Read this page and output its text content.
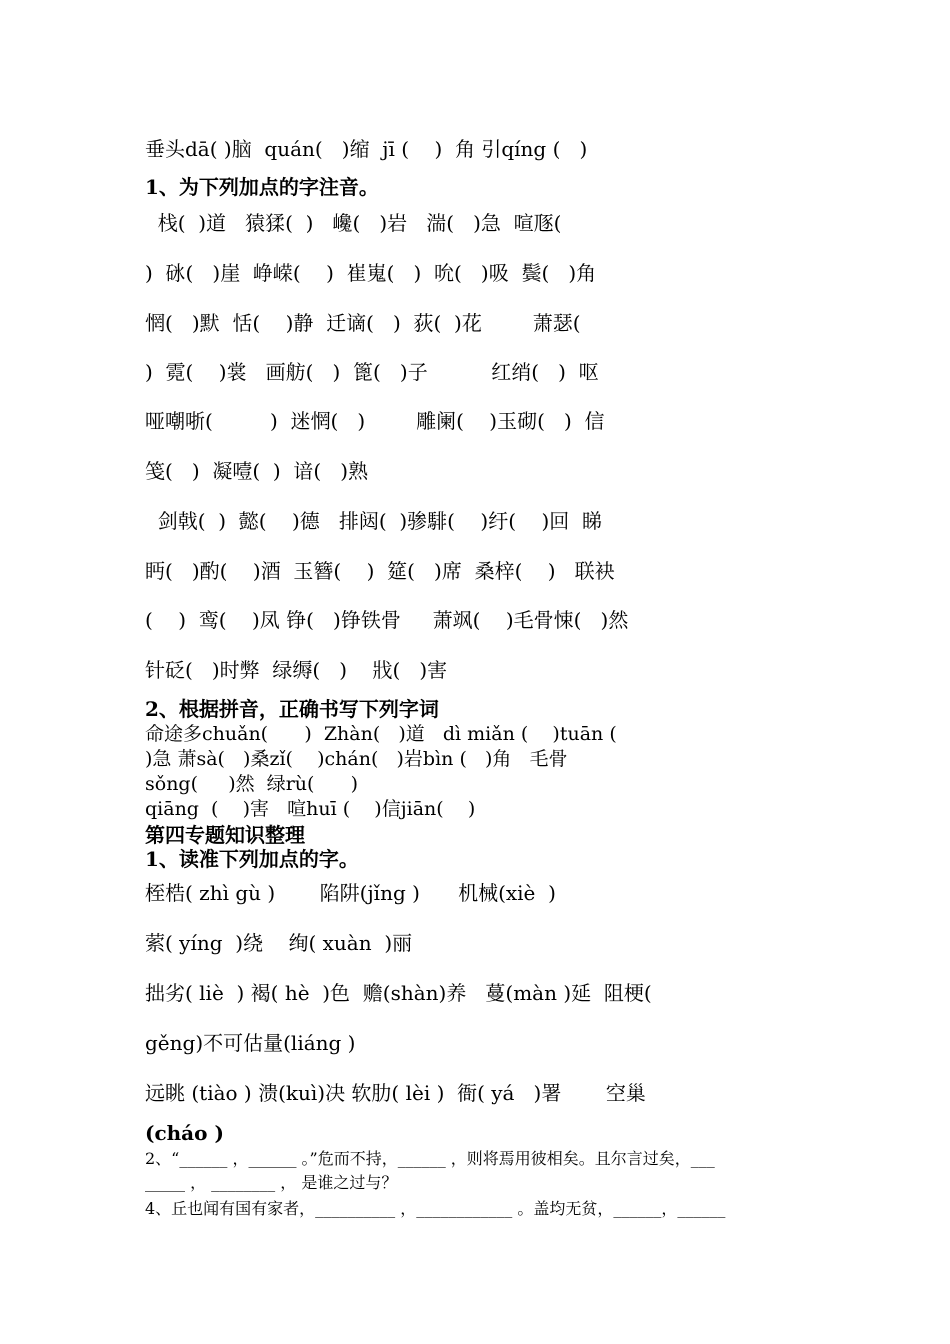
垂头dā( )脑  quán(   )缩  jī (    )  角 引qíng (   )
1、为下列加点的字注音。
栈(  )道   猿猱(  )   巉(   )岩   湍(   )急  喧豗(
)  砯(   )崖  峥嵘(    )  崔嵬(   )  吮(   )吸  鬓(   )角
惘(   )默  恬(    )静  迁谪(   )  荻(  )花        萧瑟(
)  霓(    )裳   画舫(   )  篦(   )子          红绡(   )  呕
哑嘲哳(         )  迷惘(   )        雕阑(    )玉砌(   )  信
笺(   )  凝噎(  )  谙(   )熟
剑戟(  )  懿(    )德   排闼(  )骖騑(    )纡(    )回  睇
眄(   )酌(    )酒  玉簪(    )  筵(   )席  桑梓(    )   联袂
(    )  鸾(    )凤 铮(   )铮铁骨     萧飒(    )毛骨悚(   )然
针砭(   )时弊  绿缛(   )    戕(   )害
2、根据拼音，正确书写下列字词
命途多chuǎn(      )  Zhàn(   )道   dì miǎn (    )tuān (
)急 萧sà(   )桑zǐ(    )chán(   )岩bìn (   )角   毛骨
sǒng(     )然  绿rù(      )
qiāng  (    )害   喧huī (    )信jiān(    )
第四专题知识整理
1、读准下列加点的字。
桎梏( zhì gù )       陷阱(jǐng )      机械(xiè  )
萦( yíng  )绕    绚( xuàn  )丽
拙劣( liè  ) 褐( hè  )色  赡(shàn)养   蔓(màn )延  阻梗(
gěng)不可估量(liáng )
远眺 (tiào ) 溃(kuì)决 软肋( lèi )  衙( yá   )署       空巢
(cháo )
2、“______ ，______ 。”危而不持，______ ，则将焉用彼相矣。且尔言过矣，___
_____ ， ________ ， 是谁之过与？
4、丘也闻有国有家者，__________ ，____________ 。盖均无贫，______，______
